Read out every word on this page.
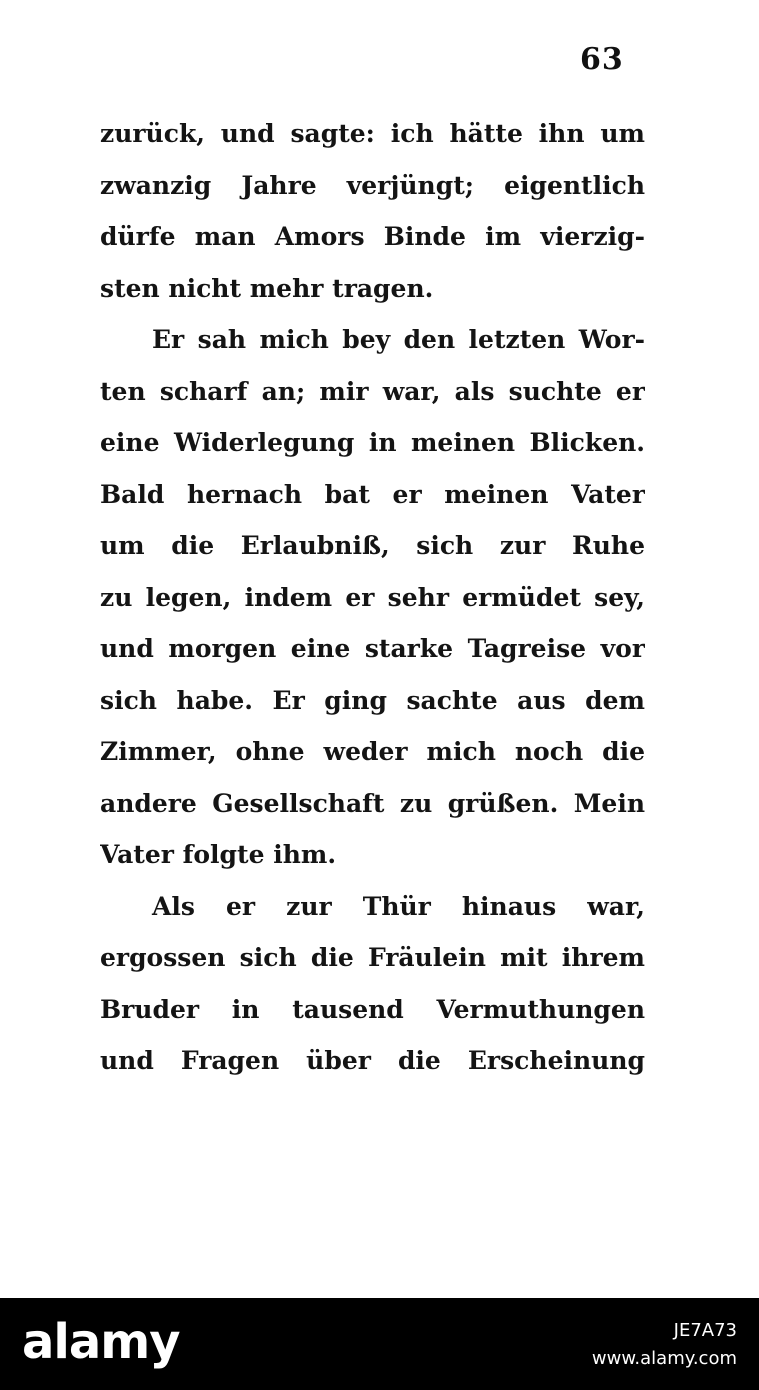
63
zurück, und sagte: ich hätte ihn um
zwanzig Jahre verjüngt; eigentlich
dürfe man Amors Binde im vierzig-
sten nicht mehr tragen.
Er sah mich bey den letzten Wor-
ten scharf an; mir war, als suchte er
eine Widerlegung in meinen Blicken.
Bald hernach bat er meinen Vater
um die Erlaubniß, sich zur Ruhe
zu legen, indem er sehr ermüdet sey,
und morgen eine starke Tagreise vor
sich habe. Er ging sachte aus dem
Zimmer, ohne weder mich noch die
andere Gesellschaft zu grüßen. Mein
Vater folgte ihm.
Als er zur Thür hinaus war,
ergossen sich die Fräulein mit ihrem
Bruder in tausend Vermuthungen
und Fragen über die Erscheinung
alamy	JE7A73
www.alamy.com
